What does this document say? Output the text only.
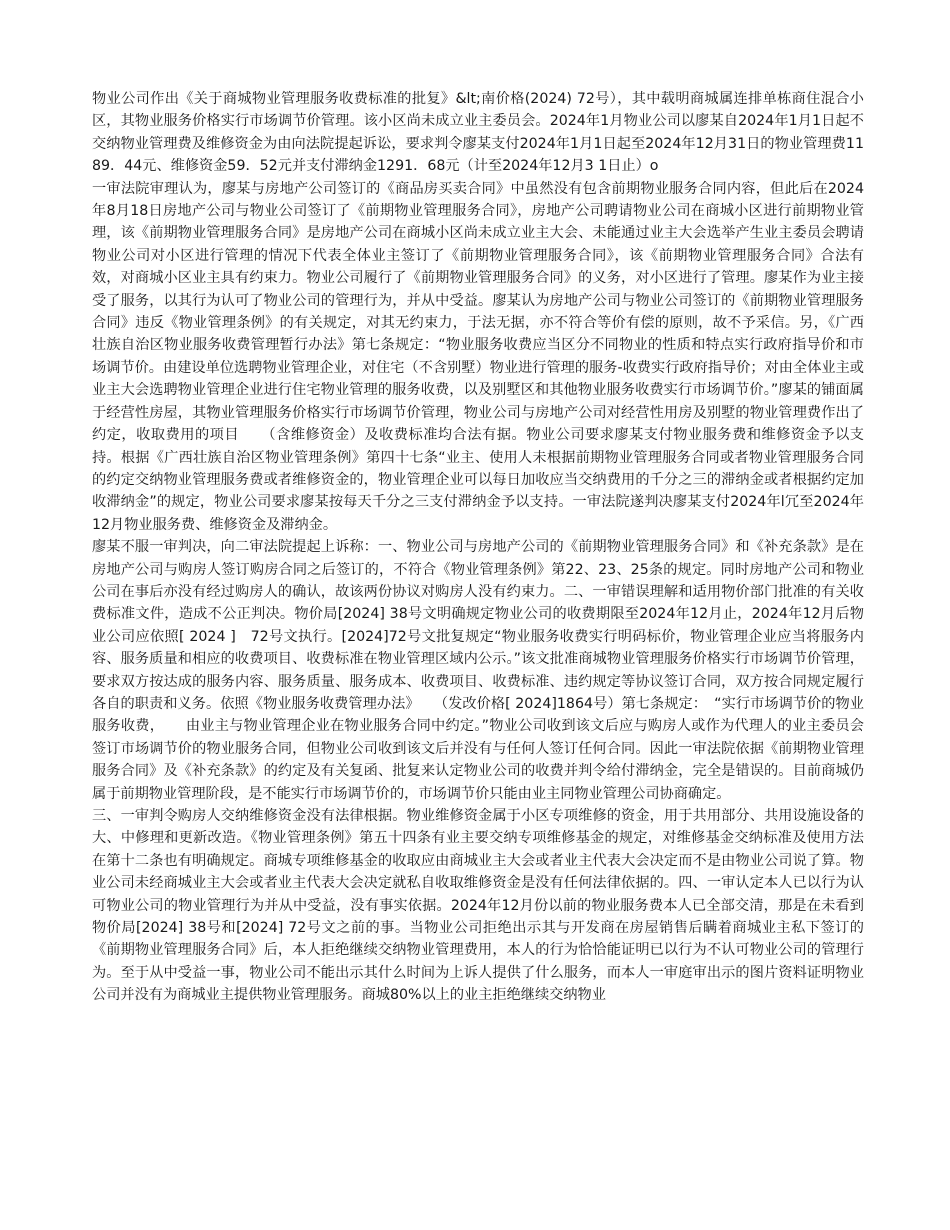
物业公司作出《关于商城物业管理服务收费标准的批复》&lt;南价格(2024) 72号），其中载明商城属连排单栋商住混合小区，其物业服务价格实行市场调节价管理。该小区尚未成立业主委员会。2024年1月物业公司以廖某自2024年1月1日起不交纳物业管理费及维修资金为由向法院提起诉讼，要求判令廖某支付2024年1月1日起至2024年12月31日的物业管理费1189．44元、维修资金59．52元并支付滞纳金1291．68元（计至2024年12月3 1日止）o

一审法院审理认为，廖某与房地产公司签订的《商品房买卖合同》中虽然没有包含前期物业服务合同内容，但此后在2024年8月18日房地产公司与物业公司签订了《前期物业管理服务合同》，房地产公司聘请物业公司在商城小区进行前期物业管理，该《前期物业管理服务合同》是房地产公司在商城小区尚未成立业主大会、未能通过业主大会选举产生业主委员会聘请物业公司对小区进行管理的情况下代表全体业主签订了《前期物业管理服务合同》，该《前期物业管理服务合同》合法有效，对商城小区业主具有约束力。物业公司履行了《前期物业管理服务合同》的义务，对小区进行了管理。廖某作为业主接受了服务，以其行为认可了物业公司的管理行为，并从中受益。廖某认为房地产公司与物业公司签订的《前期物业管理服务合同》违反《物业管理条例》的有关规定，对其无约束力，于法无据，亦不符合等价有偿的原则，故不予采信。另，《广西壮族自治区物业服务收费管理暂行办法》第七条规定：“物业服务收费应当区分不同物业的性质和特点实行政府指导价和市场调节价。由建设单位选聘物业管理企业，对住宅（不含别墅）物业进行管理的服务-收费实行政府指导价；对由全体业主或业主大会选聘物业管理企业进行住宅物业管理的服务收费，以及别墅区和其他物业服务收费实行市场调节价。”廖某的铺面属于经营性房屋，其物业管理服务价格实行市场调节价管理，物业公司与房地产公司对经营性用房及别墅的物业管理费作出了约定，收取费用的项目　　（含维修资金）及收费标准均合法有据。物业公司要求廖某支付物业服务费和维修资金予以支持。根据《广西壮族自治区物业管理条例》第四十七条“业主、使用人未根据前期物业管理服务合同或者物业管理服务合同的约定交纳物业管理服务费或者维修资金的，物业管理企业可以每日加收应当交纳费用的千分之三的滞纳金或者根据约定加收滞纳金”的规定，物业公司要求廖某按每天千分之三支付滞纳金予以支持。一审法院遂判决廖某支付2024年l冗至2024年12月物业服务费、维修资金及滞纳金。

廖某不服一审判决，向二审法院提起上诉称：一、物业公司与房地产公司的《前期物业管理服务合同》和《补充条款》是在房地产公司与购房人签订购房合同之后签订的，不符合《物业管理条例》第22、23、25条的规定。同时房地产公司和物业公司在事后亦没有经过购房人的确认，故该两份协议对购房人没有约束力。二、一审错误理解和适用物价部门批准的有关收费标准文件，造成不公正判决。物价局[2024] 38号文明确规定物业公司的收费期限至2024年12月止，2024年12月后物业公司应依照[ 2024 ]　72号文执行。[2024]72号文批复规定“物业服务收费实行明码标价，物业管理企业应当将服务内容、服务质量和相应的收费项目、收费标准在物业管理区域内公示。”该文批准商城物业管理服务价格实行市场调节价管理，要求双方按达成的服务内容、服务质量、服务成本、收费项目、收费标准、违约规定等协议签订合同，双方按合同规定履行各自的职责和义务。依照《物业服务收费管理办法》　　（发改价格[ 2024]1864号）第七条规定：　“实行市场调节价的物业服务收费，　　由业主与物业管理企业在物业服务合同中约定。”物业公司收到该文后应与购房人或作为代理人的业主委员会签订市场调节价的物业服务合同，但物业公司收到该文后并没有与任何人签订任何合同。因此一审法院依据《前期物业管理服务合同》及《补充条款》的约定及有关复函、批复来认定物业公司的收费并判令给付滞纳金，完全是错误的。目前商城仍属于前期物业管理阶段，是不能实行市场调节价的，市场调节价只能由业主同物业管理公司协商确定。

三、一审判令购房人交纳维修资金没有法律根据。物业维修资金属于小区专项维修的资金，用于共用部分、共用设施设备的大、中修理和更新改造。《物业管理条例》第五十四条有业主要交纳专项维修基金的规定，对维修基金交纳标准及使用方法在第十二条也有明确规定。商城专项维修基金的收取应由商城业主大会或者业主代表大会决定而不是由物业公司说了算。物业公司未经商城业主大会或者业主代表大会决定就私自收取维修资金是没有任何法律依据的。四、一审认定本人已以行为认可物业公司的物业管理行为并从中受益，没有事实依据。2024年12月份以前的物业服务费本人已全部交清，那是在未看到物价局[2024] 38号和[2024] 72号文之前的事。当物业公司拒绝出示其与开发商在房屋销售后瞒着商城业主私下签订的《前期物业管理服务合同》后，本人拒绝继续交纳物业管理费用，本人的行为恰恰能证明已以行为不认可物业公司的管理行为。至于从中受益一事，物业公司不能出示其什么时间为上诉人提供了什么服务，而本人一审庭审出示的图片资料证明物业公司并没有为商城业主提供物业管理服务。商城80%以上的业主拒绝继续交纳物业
